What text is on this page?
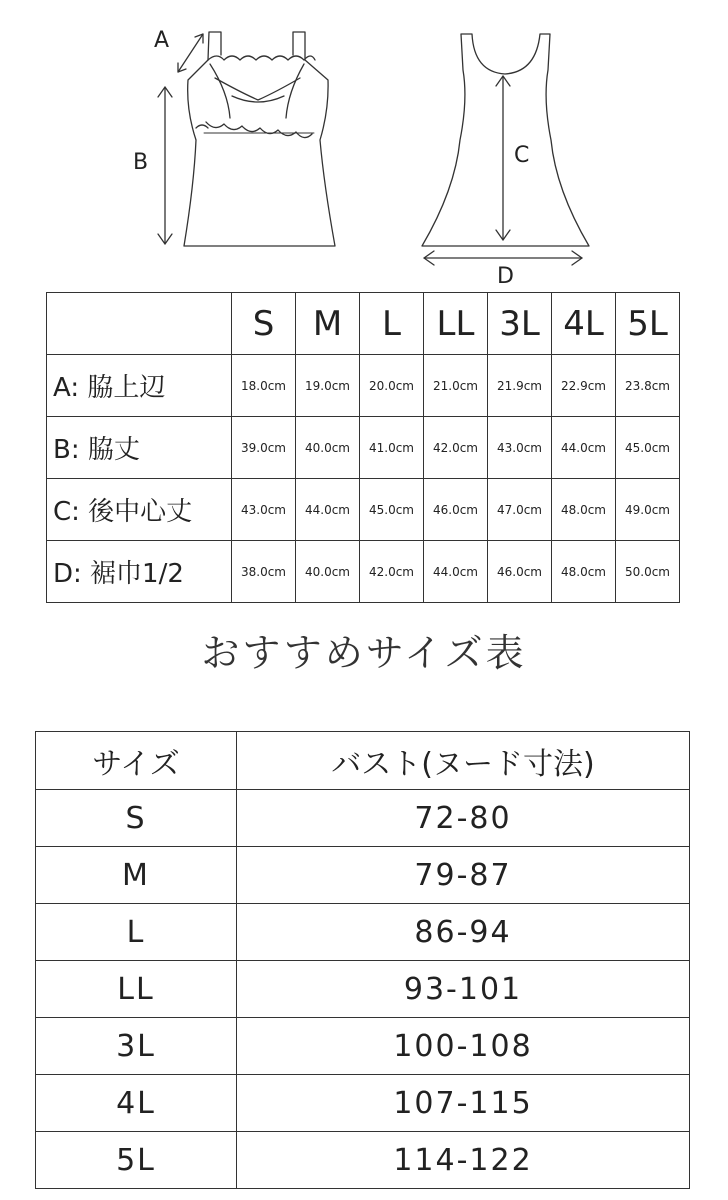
A
B	C
D
	S	M	L	LL	3L	4L	5L
A: 脇上辺	18.0cm	19.0cm	20.0cm	21.0cm	21.9cm	22.9cm	23.8cm
B: 脇丈	39.0cm	40.0cm	41.0cm	42.0cm	43.0cm	44.0cm	45.0cm
C: 後中心丈	43.0cm	44.0cm	45.0cm	46.0cm	47.0cm	48.0cm	49.0cm
D: 裾巾1/2	38.0cm	40.0cm	42.0cm	44.0cm	46.0cm	48.0cm	50.0cm
おすすめサイズ表
サイズ	バスト(ヌード寸法)
S	72-80
M	79-87
L	86-94
LL	93-101
3L	100-108
4L	107-115
5L	114-122
